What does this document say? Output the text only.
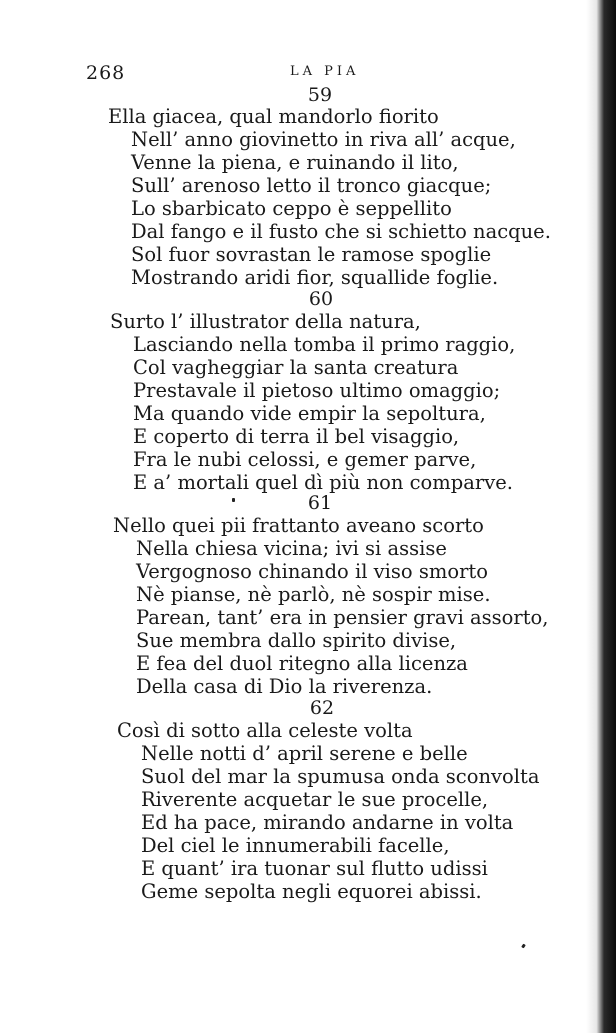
268	LA PIA
59
Ella giacea, qual mandorlo fiorito
Nell’ anno giovinetto in riva all’ acque,
Venne la piena, e ruinando il lito,
Sull’ arenoso letto il tronco giacque;
Lo sbarbicato ceppo è seppellito
Dal fango e il fusto che si schietto nacque.
Sol fuor sovrastan le ramose spoglie
Mostrando aridi fior, squallide foglie.
60
Surto l’ illustrator della natura,
Lasciando nella tomba il primo raggio,
Col vagheggiar la santa creatura
Prestavale il pietoso ultimo omaggio;
Ma quando vide empir la sepoltura,
E coperto di terra il bel visaggio,
Fra le nubi celossi, e gemer parve,
E a’ mortali quel dì più non comparve.
61
Nello quei pii frattanto aveano scorto
Nella chiesa vicina; ivi si assise
Vergognoso chinando il viso smorto
Nè pianse, nè parlò, nè sospir mise.
Parean, tant’ era in pensier gravi assorto,
Sue membra dallo spirito divise,
E fea del duol ritegno alla licenza
Della casa di Dio la riverenza.
62
Così di sotto alla celeste volta
Nelle notti d’ april serene e belle
Suol del mar la spumusa onda sconvolta
Riverente acquetar le sue procelle,
Ed ha pace, mirando andarne in volta
Del ciel le innumerabili facelle,
E quant’ ira tuonar sul flutto udissi
Geme sepolta negli equorei abissi.
